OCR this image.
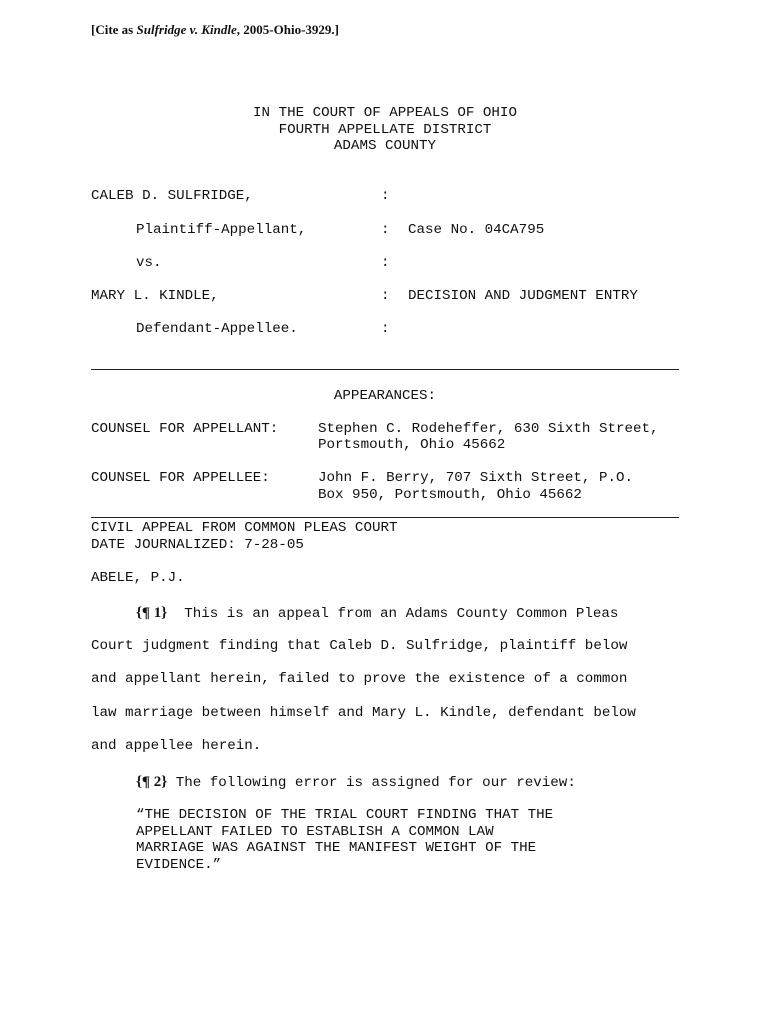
[Cite as Sulfridge v. Kindle, 2005-Ohio-3929.]
IN THE COURT OF APPEALS OF OHIO
FOURTH APPELLATE DISTRICT
ADAMS COUNTY
CALEB D. SULFRIDGE,	:
Plaintiff-Appellant,	: Case No. 04CA795
vs.	:
MARY L. KINDLE,	: DECISION AND JUDGMENT ENTRY
Defendant-Appellee.	:
APPEARANCES:
COUNSEL FOR APPELLANT:	Stephen C. Rodeheffer, 630 Sixth Street,
Portsmouth, Ohio 45662
COUNSEL FOR APPELLEE:	John F. Berry, 707 Sixth Street, P.O.
Box 950, Portsmouth, Ohio 45662
CIVIL APPEAL FROM COMMON PLEAS COURT
DATE JOURNALIZED: 7-28-05
ABELE, P.J.
{¶ 1} This is an appeal from an Adams County Common Pleas
Court judgment finding that Caleb D. Sulfridge, plaintiff below
and appellant herein, failed to prove the existence of a common
law marriage between himself and Mary L. Kindle, defendant below
and appellee herein.
{¶ 2} The following error is assigned for our review:
“THE DECISION OF THE TRIAL COURT FINDING THAT THE
APPELLANT FAILED TO ESTABLISH A COMMON LAW
MARRIAGE WAS AGAINST THE MANIFEST WEIGHT OF THE
EVIDENCE.”
